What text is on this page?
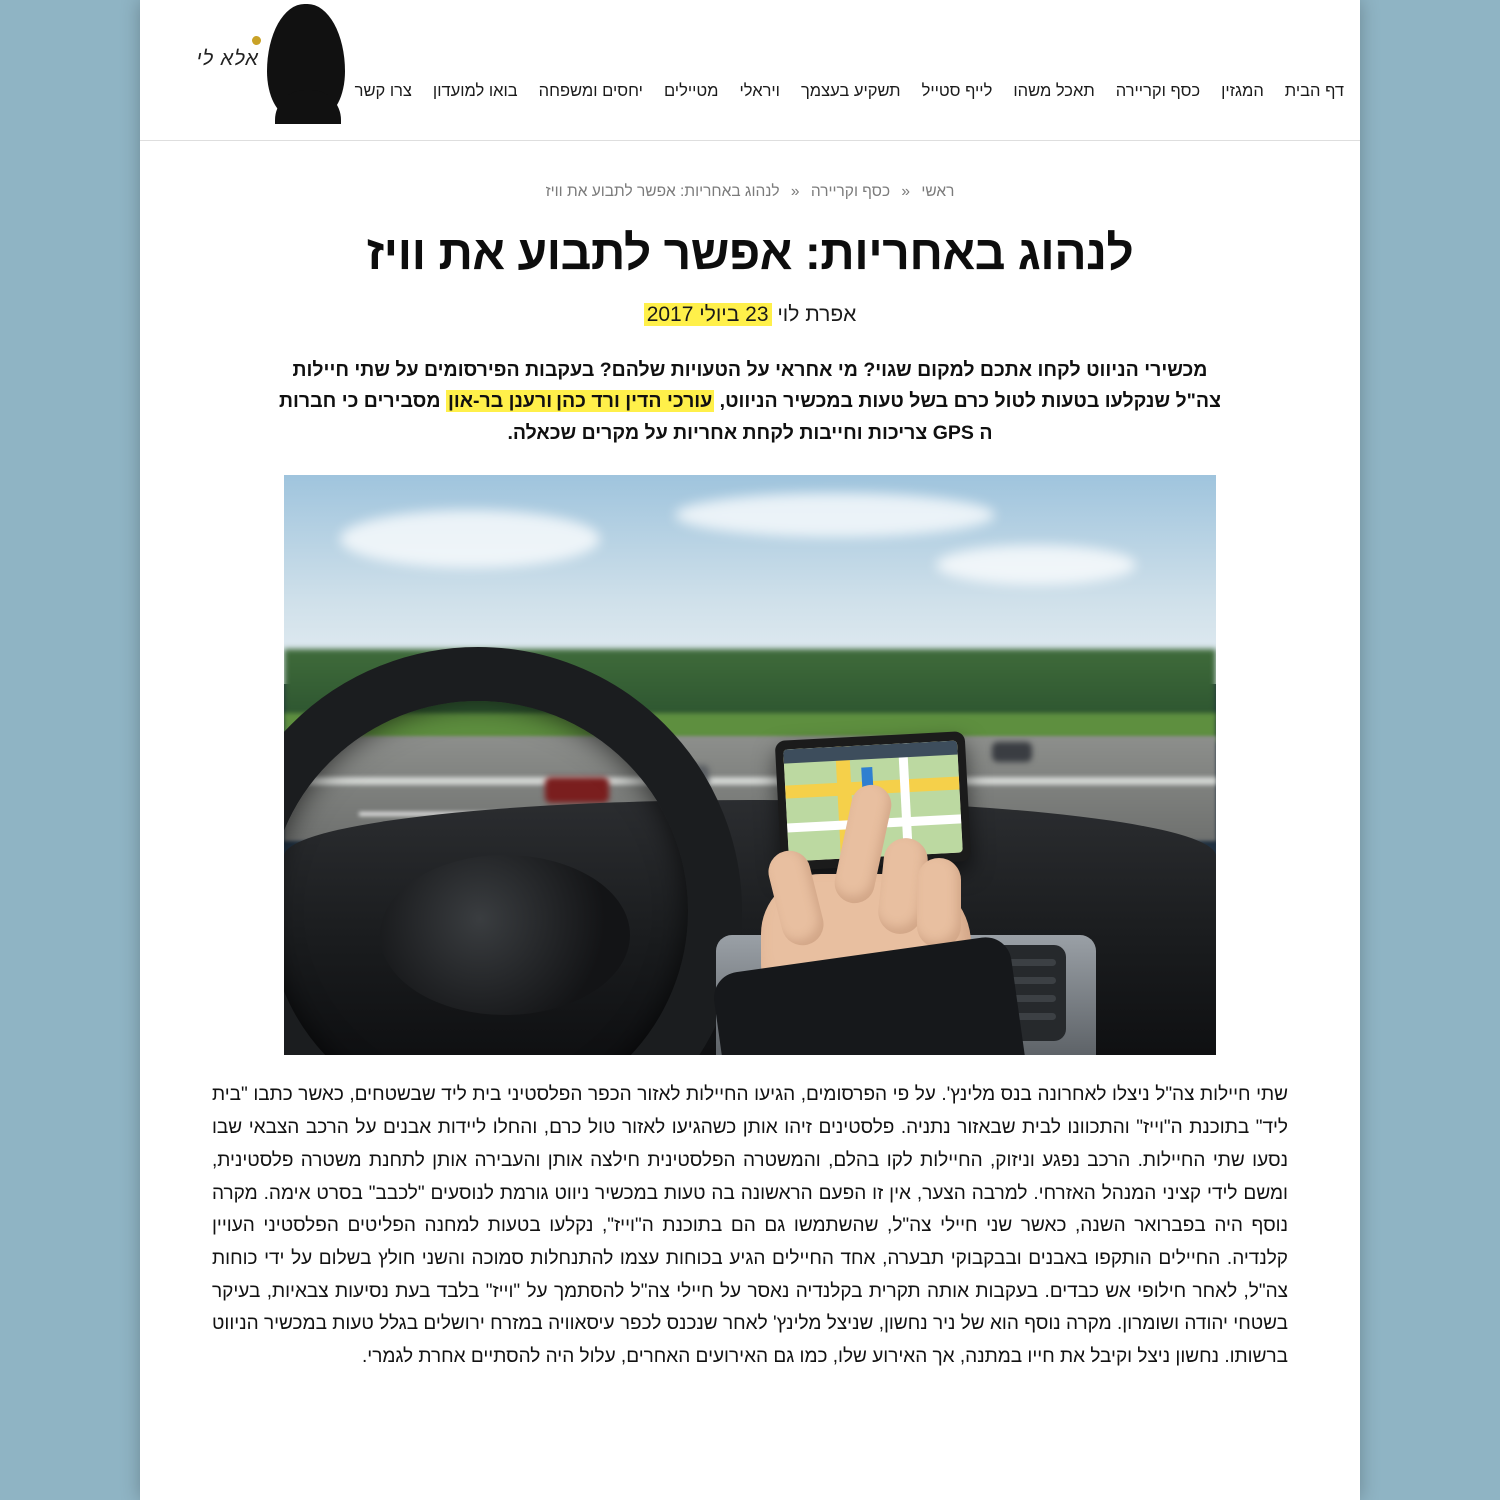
אלא לי
דף הבית
המגזין
כסף וקריירה
תאכל משהו
לייף סטייל
תשקיע בעצמך
ויראלי
מטיילים
יחסים ומשפחה
בואו למועדון
צרו קשר
ראשי « כסף וקריירה « לנהוג באחריות: אפשר לתבוע את וויז
לנהוג באחריות: אפשר לתבוע את וויז
אפרת לוי 23 ביולי 2017
מכשירי הניווט לקחו אתכם למקום שגוי? מי אחראי על הטעויות שלהם? בעקבות הפירסומים על שתי חיילות צה"ל שנקלעו בטעות לטול כרם בשל טעות במכשיר הניווט, עורכי הדין ורד כהןורענן בר-און מסבירים כי חברות ה GPS צריכות וחייבות לקחת אחריות על מקרים שכאלה.

שתי חיילות צה"ל ניצלו לאחרונה בנס מלינץ'. על פי הפרסומים, הגיעו החיילות לאזור הכפר הפלסטיני בית ליד שבשטחים, כאשר כתבו "בית ליד" בתוכנת ה"וייז" והתכוונו לבית שבאזור נתניה. פלסטינים זיהו אותן כשהגיעו לאזור טול כרם, והחלו ליידות אבנים על הרכב הצבאי שבו נסעו שתי החיילות. הרכב נפגע וניזוק, החיילות לקו בהלם, והמשטרה הפלסטינית חילצה אותן והעבירה אותן לתחנת משטרה פלסטינית, ומשם לידי קציני המנהל האזרחי. למרבה הצער, אין זו הפעם הראשונה בה טעות במכשיר ניווט גורמת לנוסעים "לכבב" בסרט אימה. מקרה נוסף היה בפברואר השנה, כאשר שני חיילי צה"ל, שהשתמשו גם הם בתוכנת ה"וייז", נקלעו בטעות למחנה הפליטים הפלסטיני העויין קלנדיה. החיילים הותקפו באבנים ובבקבוקי תבערה, אחד החיילים הגיע בכוחות עצמו להתנחלות סמוכה והשני חולץ בשלום על ידי כוחות צה"ל, לאחר חילופי אש כבדים. בעקבות אותה תקרית בקלנדיה נאסר על חיילי צה"ל להסתמך על "וייז" בלבד בעת נסיעות צבאיות, בעיקר בשטחי יהודה ושומרון. מקרה נוסף הוא של ניר נחשון, שניצל מלינץ' לאחר שנכנס לכפר עיסאוויה במזרח ירושלים בגלל טעות במכשיר הניווט ברשותו. נחשון ניצל וקיבל את חייו במתנה, אך האירוע שלו, כמו גם האירועים האחרים, עלול היה להסתיים אחרת לגמרי.
